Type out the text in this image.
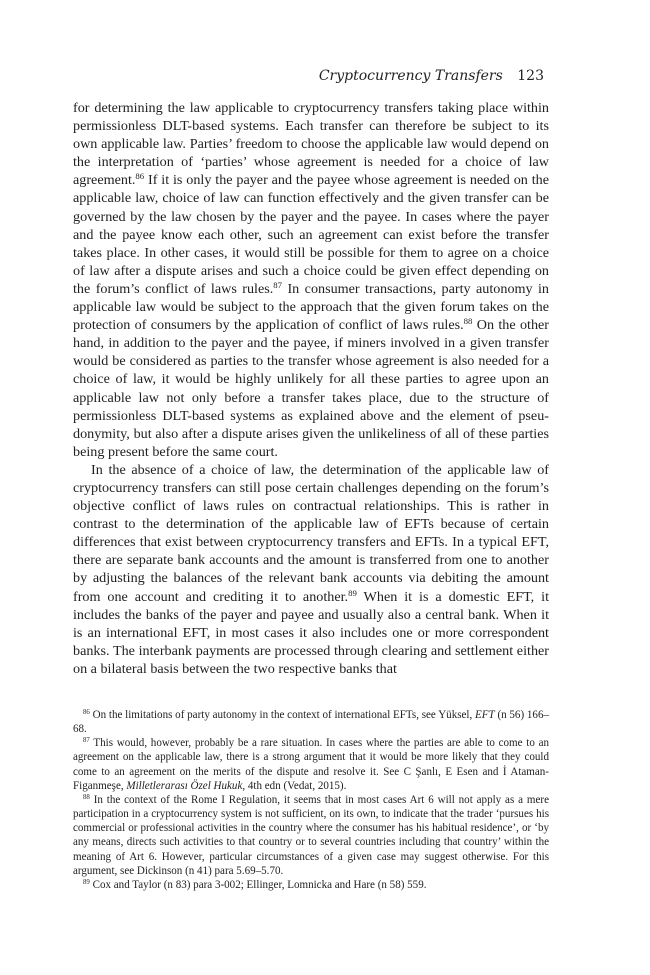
Cryptocurrency Transfers 123

for determining the law applicable to cryptocurrency transfers taking place within permissionless DLT-based systems. Each transfer can therefore be subject to its own applicable law. Parties’ freedom to choose the applicable law would depend on the interpretation of ‘parties’ whose agreement is needed for a choice of law agreement.$^{86}$ If it is only the payer and the payee whose agreement is needed on the applicable law, choice of law can function effectively and the given transfer can be governed by the law chosen by the payer and the payee. In cases where the payer and the payee know each other, such an agreement can exist before the transfer takes place. In other cases, it would still be possible for them to agree on a choice of law after a dispute arises and such a choice could be given effect depending on the forum’s conflict of laws rules.$^{87}$ In consumer transactions, party autonomy in applicable law would be subject to the approach that the given forum takes on the protection of consumers by the application of conflict of laws rules.$^{88}$ On the other hand, in addition to the payer and the payee, if miners involved in a given transfer would be considered as parties to the transfer whose agreement is also needed for a choice of law, it would be highly unlikely for all these parties to agree upon an applicable law not only before a transfer takes place, due to the structure of permissionless DLT-based systems as explained above and the element of pseudonymity, but also after a dispute arises given the unlikeliness of all of these parties being present before the same court.

In the absence of a choice of law, the determination of the applicable law of cryptocurrency transfers can still pose certain challenges depending on the forum’s objective conflict of laws rules on contractual relationships. This is rather in contrast to the determination of the applicable law of EFTs because of certain differences that exist between cryptocurrency transfers and EFTs. In a typical EFT, there are separate bank accounts and the amount is transferred from one to another by adjusting the balances of the relevant bank accounts via debiting the amount from one account and crediting it to another.$^{89}$ When it is a domestic EFT, it includes the banks of the payer and payee and usually also a central bank. When it is an international EFT, in most cases it also includes one or more correspondent banks. The interbank payments are processed through clearing and settlement either on a bilateral basis between the two respective banks that

$^{86}$ On the limitations of party autonomy in the context of international EFTs, see Yüksel, EFT (n 56) 166–68.

$^{87}$ This would, however, probably be a rare situation. In cases where the parties are able to come to an agreement on the applicable law, there is a strong argument that it would be more likely that they could come to an agreement on the merits of the dispute and resolve it. See C Şanlı, E Esen and İ Ataman-Figanmeşe, Milletlerarası Özel Hukuk, 4th edn (Vedat, 2015).

$^{88}$ In the context of the Rome I Regulation, it seems that in most cases Art 6 will not apply as a mere participation in a cryptocurrency system is not sufficient, on its own, to indicate that the trader ‘pursues his commercial or professional activities in the country where the consumer has his habitual residence’, or ‘by any means, directs such activities to that country or to several countries including that country’ within the meaning of Art 6. However, particular circumstances of a given case may suggest otherwise. For this argument, see Dickinson (n 41) para 5.69–5.70.

$^{89}$ Cox and Taylor (n 83) para 3-002; Ellinger, Lomnicka and Hare (n 58) 559.
